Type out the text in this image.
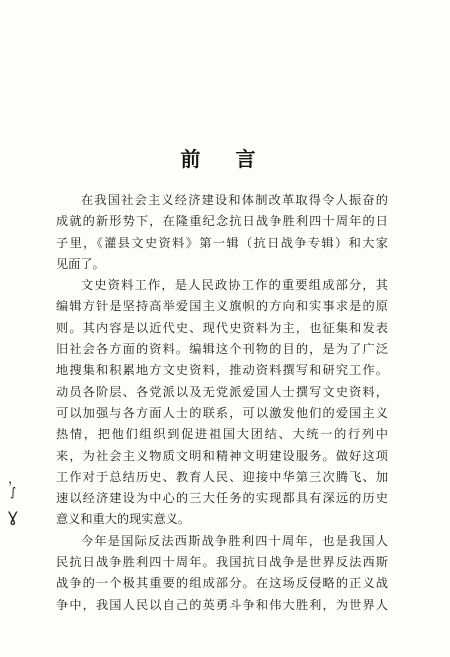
前 言

在我国社会主义经济建设和体制改革取得令人振奋的
成就的新形势下，在隆重纪念抗日战争胜利四十周年的日
子里，《灌县文史资料》第一辑（抗日战争专辑）和大家
见面了。

文史资料工作，是人民政协工作的重要组成部分，其
编辑方针是坚持高举爱国主义旗帜的方向和实事求是的原
则。其内容是以近代史、现代史资料为主，也征集和发表
旧社会各方面的资料。编辑这个刊物的目的，是为了广泛
地搜集和积累地方文史资料，推动资料撰写和研究工作。
动员各阶层、各党派以及无党派爱国人士撰写文史资料，
可以加强与各方面人士的联系，可以激发他们的爱国主义
热情，把他们组织到促进祖国大团结、大统一的行列中
来，为社会主义物质文明和精神文明建设服务。做好这项
工作对于总结历史、教育人民、迎接中华第三次腾飞、加
速以经济建设为中心的三大任务的实现都具有深远的历史
意义和重大的现实意义。

今年是国际反法西斯战争胜利四十周年，也是我国人
民抗日战争胜利四十周年。我国抗日战争是世界反法西斯
战争的一个极其重要的组成部分。在这场反侵略的正义战
争中，我国人民以自己的英勇斗争和伟大胜利，为世界人

，
∫
Ɣ
